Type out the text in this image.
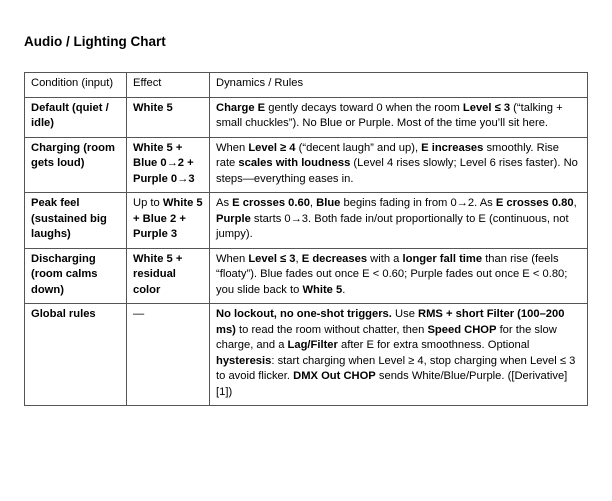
Audio / Lighting Chart
Condition (input)	Effect	Dynamics / Rules
Default (quiet / idle)	White 5	Charge E gently decays toward 0 when the room Level ≤ 3 (“talking + small chuckles”). No Blue or Purple. Most of the time you’ll sit here.
Charging (room gets loud)	White 5 + Blue 0→2 + Purple 0→3	When Level ≥ 4 (“decent laugh” and up), E increases smoothly. Rise rate scales with loudness (Level 4 rises slowly; Level 6 rises faster). No steps—everything eases in.
Peak feel (sustained big laughs)	Up to White 5 + Blue 2 + Purple 3	As E crosses 0.60, Blue begins fading in from 0→2. As E crosses 0.80, Purple starts 0→3. Both fade in/out proportionally to E (continuous, not jumpy).
Discharging (room calms down)	White 5 + residual color	When Level ≤ 3, E decreases with a longer fall time than rise (feels “floaty”). Blue fades out once E < 0.60; Purple fades out once E < 0.80; you slide back to White 5.
Global rules	—	No lockout, no one-shot triggers. Use RMS + short Filter (100–200 ms) to read the room without chatter, then Speed CHOP for the slow charge, and a Lag/Filter after E for extra smoothness. Optional hysteresis: start charging when Level ≥ 4, stop charging when Level ≤ 3 to avoid flicker. DMX Out CHOP sends White/Blue/Purple. ([Derivative][1])
